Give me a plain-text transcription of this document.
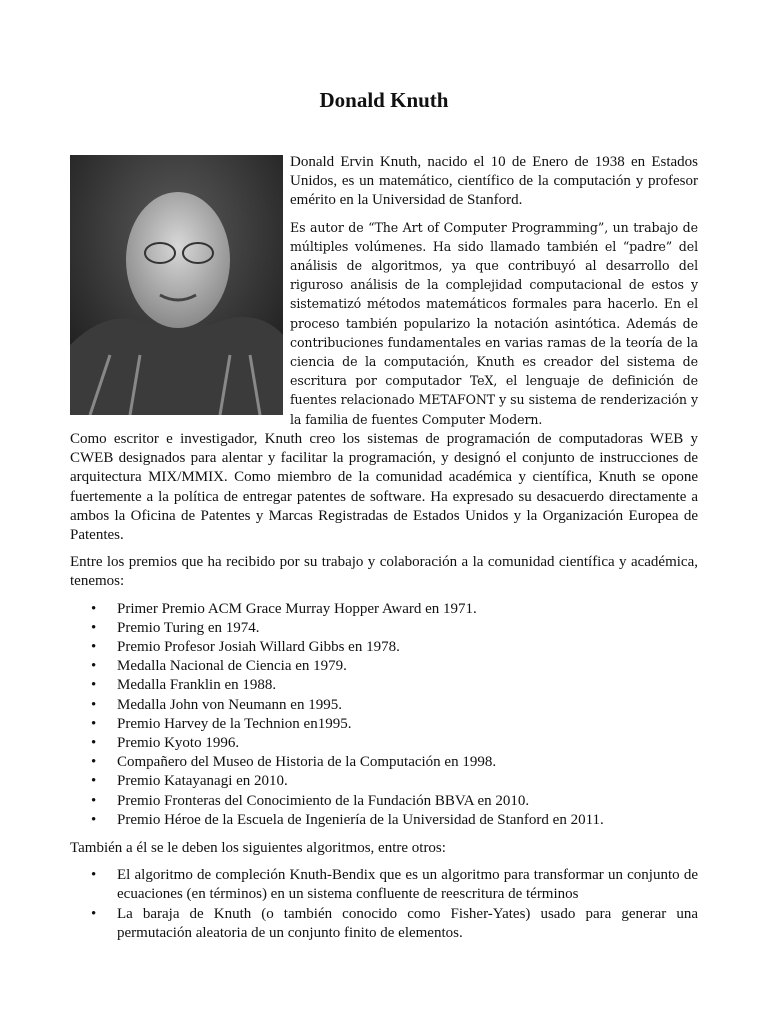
Donald Knuth

Donald Ervin Knuth, nacido el 10 de Enero de 1938 en Estados Unidos, es un matemático, científico de la computación y profesor emérito en la Universidad de Stanford.

Es autor de “The Art of Computer Programming”, un trabajo de múltiples volúmenes. Ha sido llamado también el “padre” del análisis de algoritmos, ya que contribuyó al desarrollo del riguroso análisis de la complejidad computacional de estos y sistematizó métodos matemáticos formales para hacerlo. En el proceso también popularizo la notación asintótica. Además de contribuciones fundamentales en varias ramas de la teoría de la ciencia de la computación, Knuth es creador del sistema de escritura por computador TeX, el lenguaje de definición de fuentes relacionado METAFONT y su sistema de renderización y la familia de fuentes Computer Modern.

Como escritor e investigador, Knuth creo los sistemas de programación de computadoras WEB y CWEB designados para alentar y facilitar la programación, y designó el conjunto de instrucciones de arquitectura MIX/MMIX. Como miembro de la comunidad académica y científica, Knuth se opone fuertemente a la política de entregar patentes de software. Ha expresado su desacuerdo directamente a ambos la Oficina de Patentes y Marcas Registradas de Estados Unidos y la Organización Europea de Patentes.

Entre los premios que ha recibido por su trabajo y colaboración a la comunidad científica y académica, tenemos:

• Primer Premio ACM Grace Murray Hopper Award en 1971.
• Premio Turing en 1974.
• Premio Profesor Josiah Willard Gibbs en 1978.
• Medalla Nacional de Ciencia en 1979.
• Medalla Franklin en 1988.
• Medalla John von Neumann en 1995.
• Premio Harvey de la Technion en1995.
• Premio Kyoto 1996.
• Compañero del Museo de Historia de la Computación en 1998.
• Premio Katayanagi en 2010.
• Premio Fronteras del Conocimiento de la Fundación BBVA en 2010.
• Premio Héroe de la Escuela de Ingeniería de la Universidad de Stanford en 2011.

También a él se le deben los siguientes algoritmos, entre otros:

• El algoritmo de compleción Knuth-Bendix que es un algoritmo para transformar un conjunto de ecuaciones (en términos) en un sistema confluente de reescritura de términos
• La baraja de Knuth (o también conocido como Fisher-Yates) usado para generar una permutación aleatoria de un conjunto finito de elementos.
